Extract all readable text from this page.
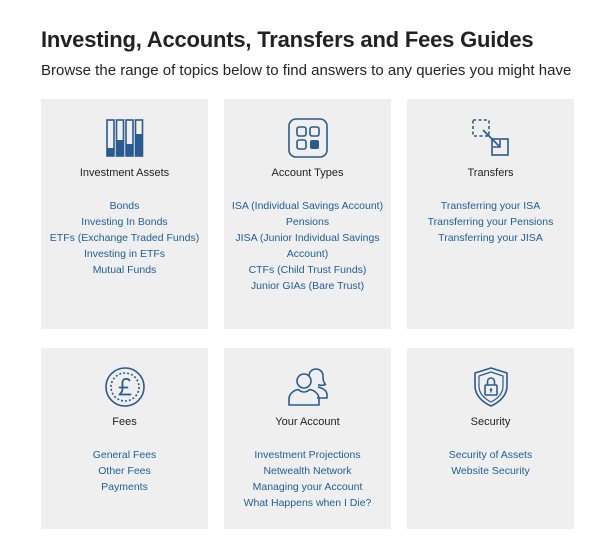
Investing, Accounts, Transfers and Fees Guides

Browse the range of topics below to find answers to any queries you might have

Investment Assets
Bonds
Investing In Bonds
ETFs (Exchange Traded Funds)
Investing in ETFs
Mutual Funds
Account Types
ISA (Individual Savings Account)
Pensions
JISA (Junior Individual Savings Account)
CTFs (Child Trust Funds)
Junior GIAs (Bare Trust)
Transfers
Transferring your ISA
Transferring your Pensions
Transferring your JISA
Fees
General Fees
Other Fees
Payments
Your Account
Investment Projections
Netwealth Network
Managing your Account
What Happens when I Die?
Security
Security of Assets
Website Security
